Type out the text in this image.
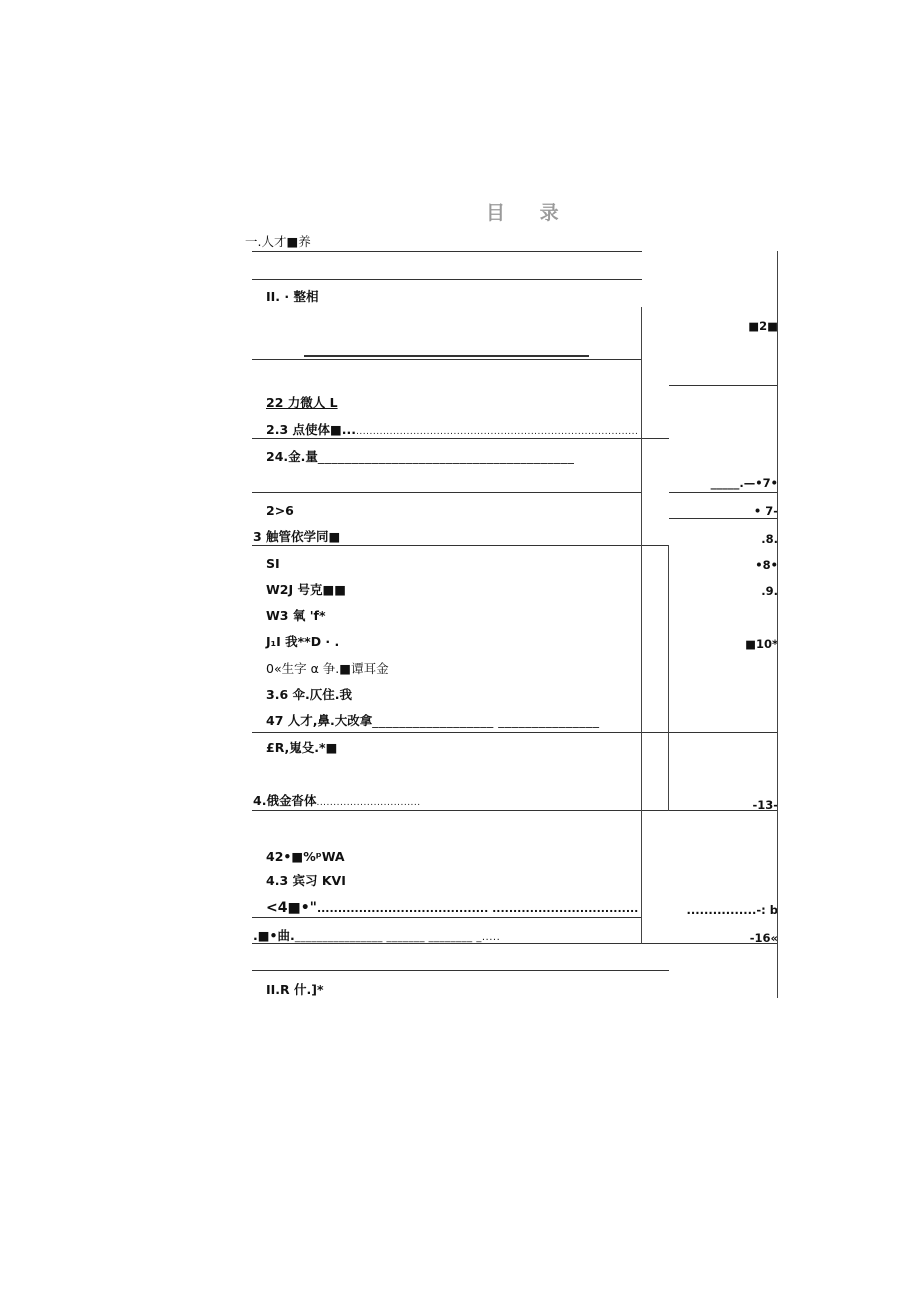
目 录
一.人才■养
II. · 整相
22 力微人 L
2.3 点使体■.......................................................................................
24.金.量______________________________________
2>6
3 触管依学同■
SI
W2J 号克■■
W3 氧 'f*
J₁I 我**D · .
0«生字 α 争.■谭耳金
3.6 伞.仄住.我
47 人才,鼻.大改拿__________________ _______________
£R,嵬殳.*■
4.俄金沓体...............................
42•■%ᵖWA
4.3 宾习 KVI
<4■•"......................................... ...................................
.■•曲.________________ _______ ________ _.....
II.R 什.]*
■2■
_____.—•7•
• 7-
.8.
•8•
.9.
■10*
-13-
................-: b
-16«
